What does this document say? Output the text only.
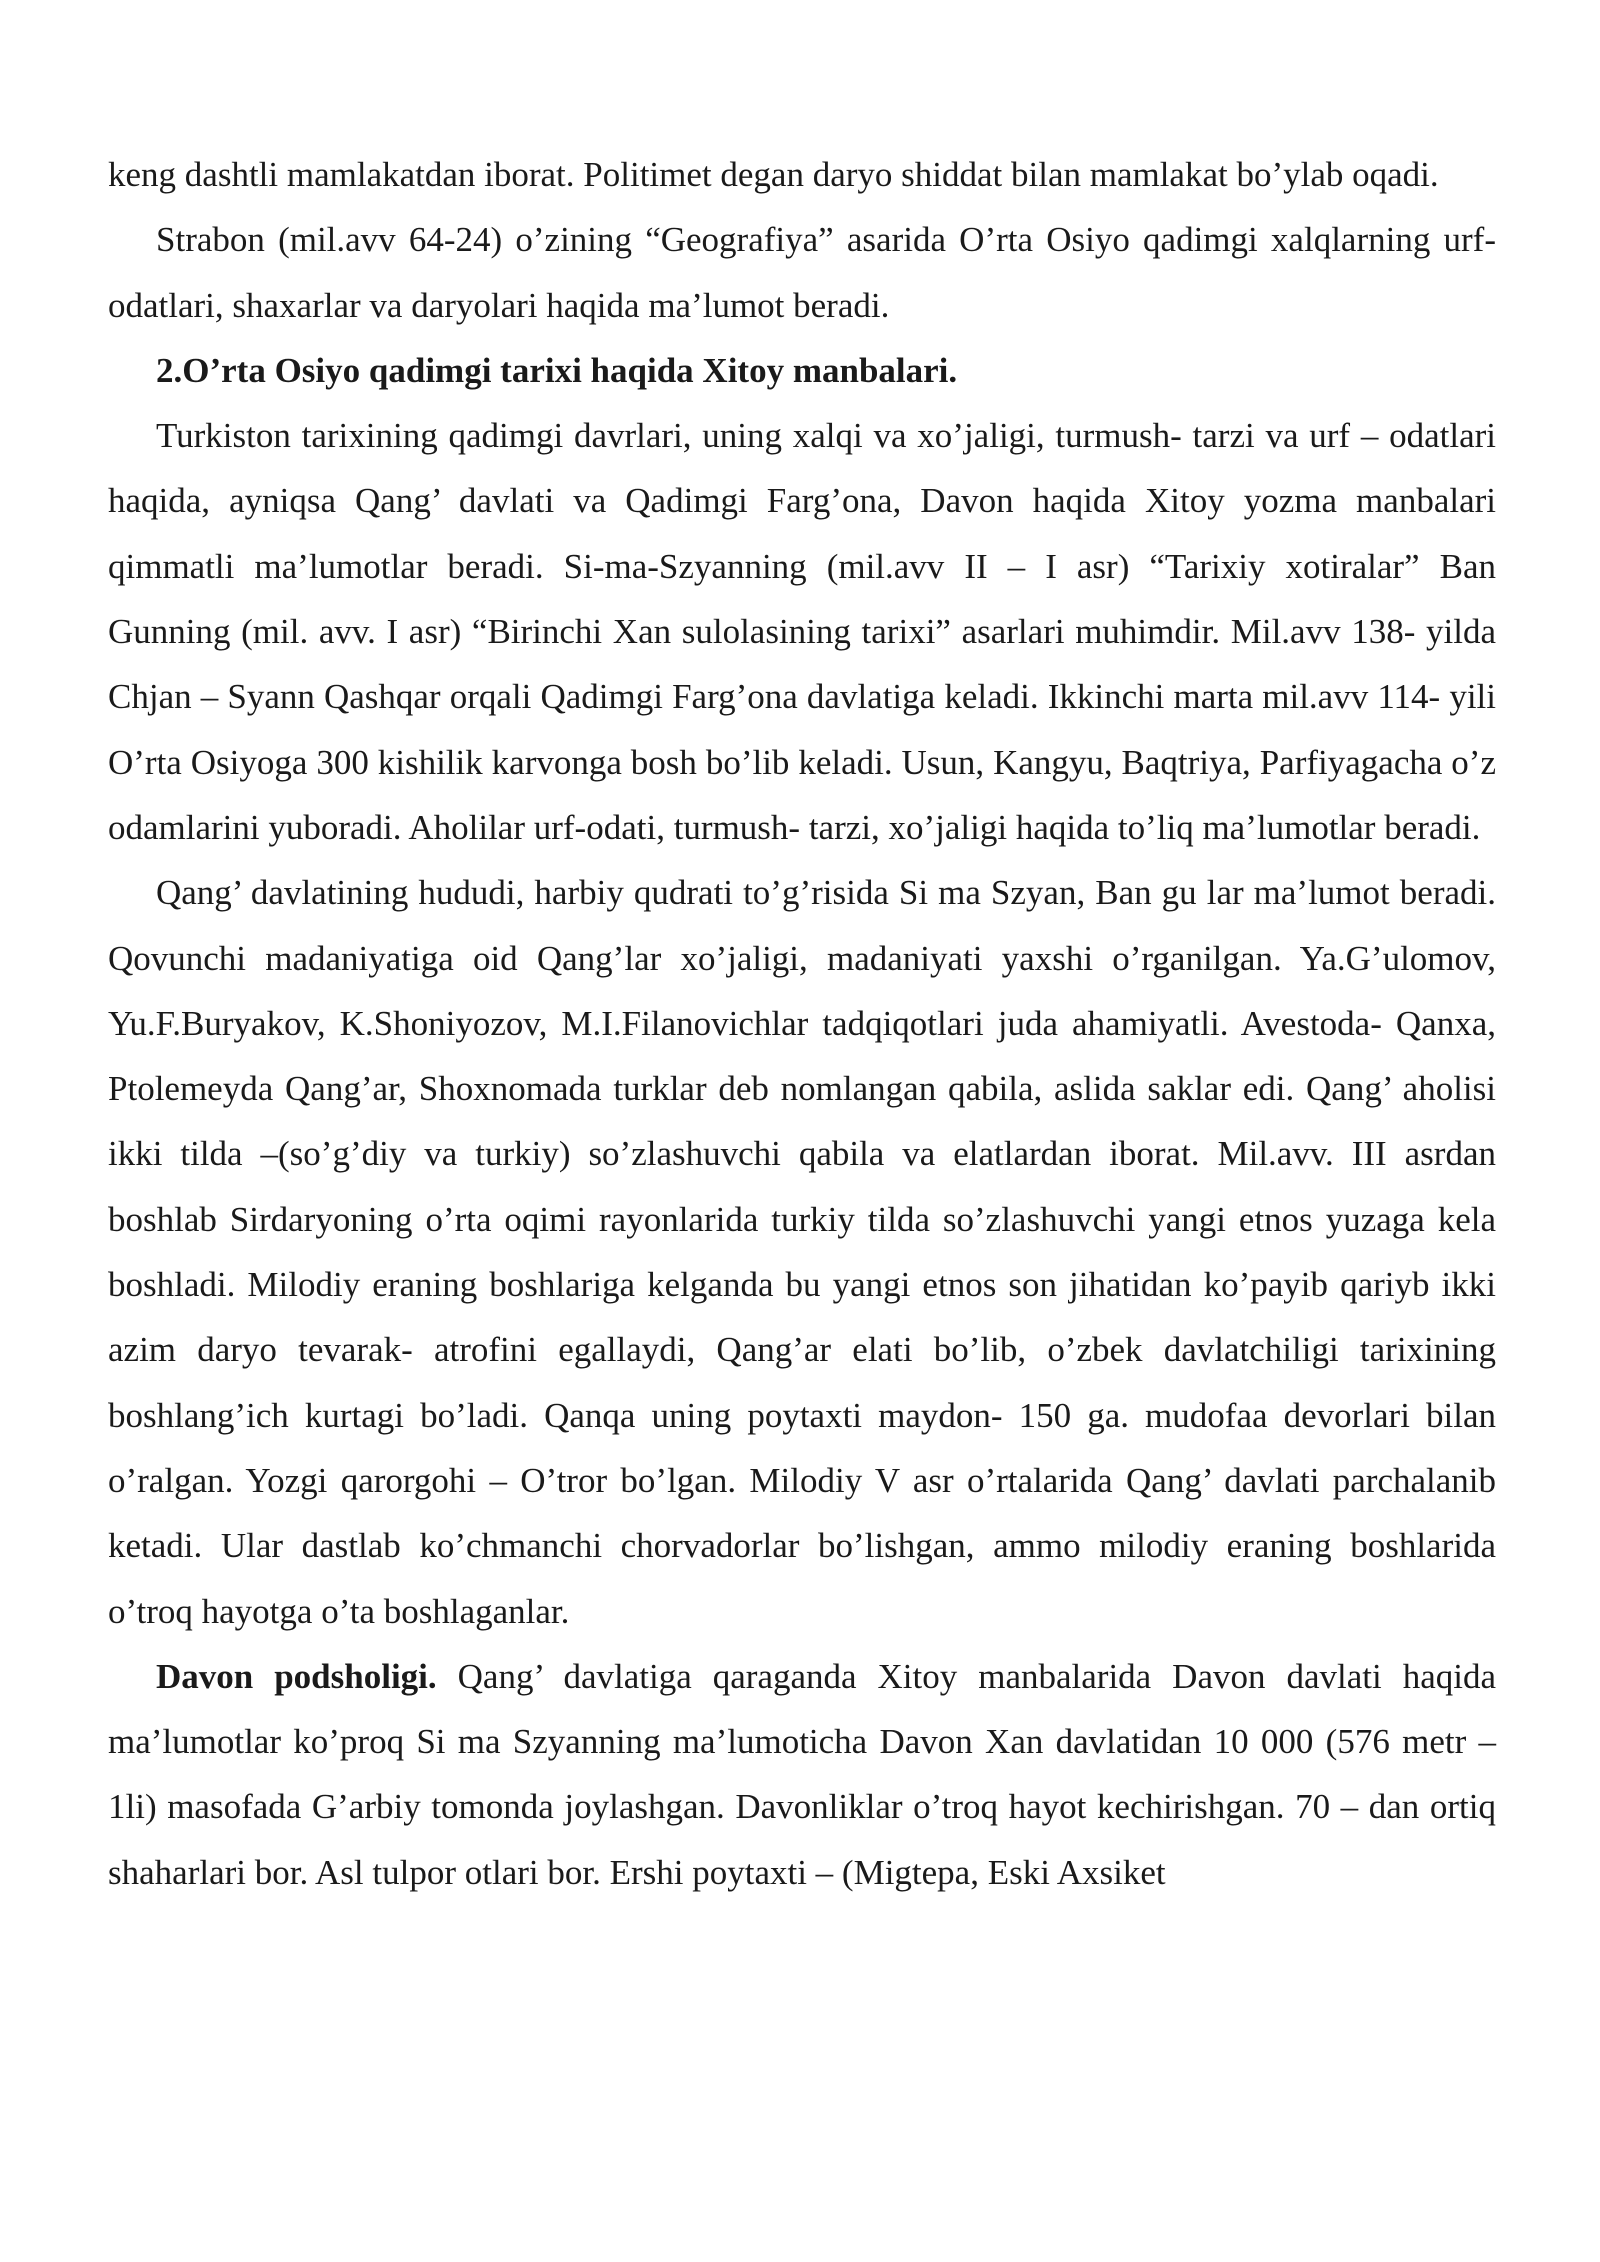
keng dashtli mamlakatdan iborat. Politimet degan daryo shiddat bilan mamlakat bo’ylab oqadi.

Strabon (mil.avv 64-24) o’zining “Geografiya” asarida O’rta Osiyo qadimgi xalqlarning urf- odatlari, shaxarlar va daryolari haqida ma’lumot beradi.

2.O’rta Osiyo qadimgi tarixi haqida Xitoy manbalari.

Turkiston tarixining qadimgi davrlari, uning xalqi va xo’jaligi, turmush- tarzi va urf – odatlari haqida, ayniqsa Qang’ davlati va Qadimgi Farg’ona, Davon haqida Xitoy yozma manbalari qimmatli ma’lumotlar beradi. Si-ma-Szyanning (mil.avv II – I asr) “Tarixiy xotiralar” Ban Gunning (mil. avv. I asr) “Birinchi Xan sulolasining tarixi” asarlari muhimdir. Mil.avv 138- yilda Chjan – Syann Qashqar orqali Qadimgi Farg’ona davlatiga keladi. Ikkinchi marta mil.avv 114- yili O’rta Osiyoga 300 kishilik karvonga bosh bo’lib keladi. Usun, Kangyu, Baqtriya, Parfiyagacha o’z odamlarini yuboradi. Aholilar urf-odati, turmush- tarzi, xo’jaligi haqida to’liq ma’lumotlar beradi.

Qang’ davlatining hududi, harbiy qudrati to’g’risida Si ma Szyan, Ban gu lar ma’lumot beradi. Qovunchi madaniyatiga oid Qang’lar xo’jaligi, madaniyati yaxshi o’rganilgan. Ya.G’ulomov, Yu.F.Buryakov, K.Shoniyozov, M.I.Filanovichlar tadqiqotlari juda ahamiyatli. Avestoda- Qanxa, Ptolemeyda Qang’ar, Shoxnomada turklar deb nomlangan qabila, aslida saklar edi. Qang’ aholisi ikki tilda –(so’g’diy va turkiy) so’zlashuvchi qabila va elatlardan iborat. Mil.avv. III asrdan boshlab Sirdaryoning o’rta oqimi rayonlarida turkiy tilda so’zlashuvchi yangi etnos yuzaga kela boshladi. Milodiy eraning boshlariga kelganda bu yangi etnos son jihatidan ko’payib qariyb ikki azim daryo tevarak- atrofini egallaydi, Qang’ar elati bo’lib, o’zbek davlatchiligi tarixining boshlang’ich kurtagi bo’ladi. Qanqa uning poytaxti maydon- 150 ga. mudofaa devorlari bilan o’ralgan. Yozgi qarorgohi – O’tror bo’lgan. Milodiy V asr o’rtalarida Qang’ davlati parchalanib ketadi. Ular dastlab ko’chmanchi chorvadorlar bo’lishgan, ammo milodiy eraning boshlarida o’troq hayotga o’ta boshlaganlar.

Davon podsholigi. Qang’ davlatiga qaraganda Xitoy manbalarida Davon davlati haqida ma’lumotlar ko’proq Si ma Szyanning ma’lumoticha Davon Xan davlatidan 10 000 (576 metr – 1li) masofada G’arbiy tomonda joylashgan. Davonliklar o’troq hayot kechirishgan. 70 – dan ortiq shaharlari bor. Asl tulpor otlari bor. Ershi poytaxti – (Migtepa, Eski Axsiket
